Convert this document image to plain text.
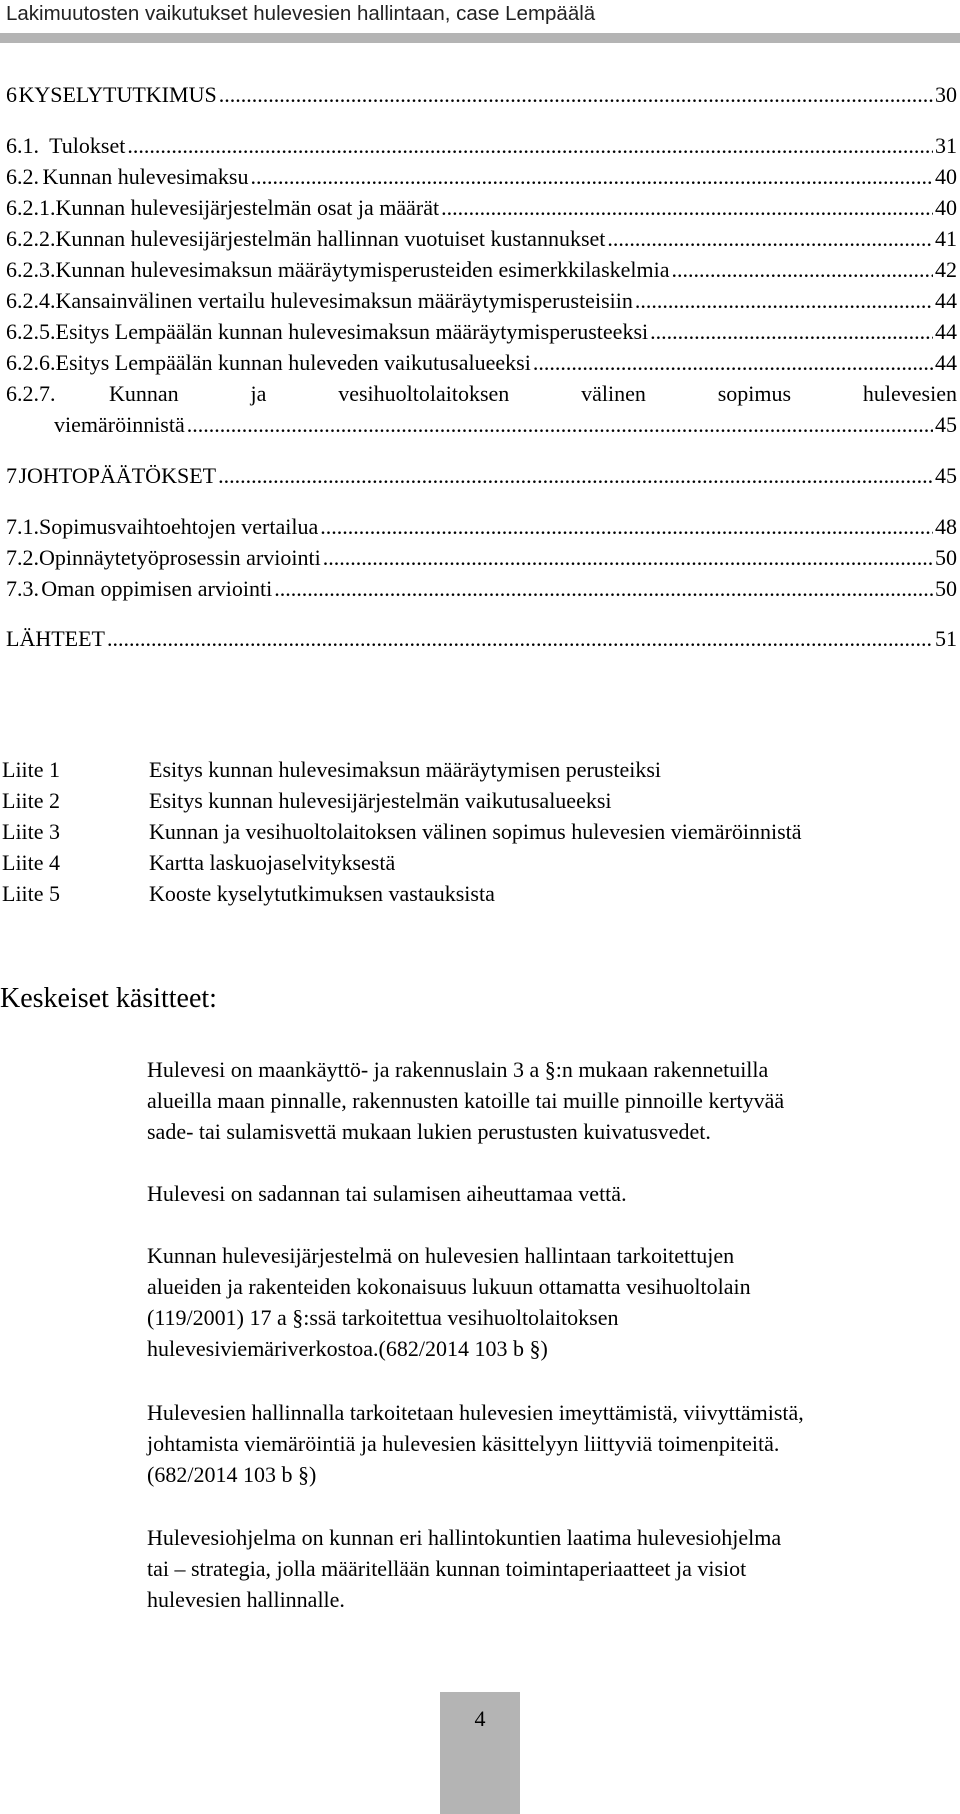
Lakimuutosten vaikutukset hulevesien hallintaan, case Lempäälä
6 KYSELYTUTKIMUS .....	30
6.1. Tulokset .....	31
6.2. Kunnan hulevesimaksu .....	40
6.2.1. Kunnan hulevesijärjestelmän osat ja määrät .....	40
6.2.2. Kunnan hulevesijärjestelmän hallinnan vuotuiset kustannukset .....	41
6.2.3. Kunnan hulevesimaksun määräytymisperusteiden esimerkkilaskelmia .....	42
6.2.4. Kansainvälinen vertailu hulevesimaksun määräytymisperusteisiin .....	44
6.2.5. Esitys Lempäälän kunnan hulevesimaksun määräytymisperusteeksi .....	44
6.2.6. Esitys Lempäälän kunnan huleveden vaikutusalueeksi .....	44
6.2.7.	Kunnan	ja	vesihuoltolaitoksen	välinen	sopimus	hulevesien
viemäröinnistä .....	45
7 JOHTOPÄÄTÖKSET .....	45
7.1. Sopimusvaihtoehtojen vertailua .....	48
7.2. Opinnäytetyöprosessin arviointi .....	50
7.3. Oman oppimisen arviointi .....	50
LÄHTEET .....	51
Liite 1	Esitys kunnan hulevesimaksun määräytymisen perusteiksi
Liite 2	Esitys kunnan hulevesijärjestelmän vaikutusalueeksi
Liite 3	Kunnan ja vesihuoltolaitoksen välinen sopimus hulevesien viemäröinnistä
Liite 4	Kartta laskuojaselvityksestä
Liite 5	Kooste kyselytutkimuksen vastauksista
Keskeiset käsitteet:
Hulevesi on maankäyttö- ja rakennuslain 3 a §:n mukaan rakennetuilla
alueilla maan pinnalle, rakennusten katoille tai muille pinnoille kertyvää
sade- tai sulamisvettä mukaan lukien perustusten kuivatusvedet.
Hulevesi on sadannan tai sulamisen aiheuttamaa vettä.
Kunnan hulevesijärjestelmä on hulevesien hallintaan tarkoitettujen
alueiden ja rakenteiden kokonaisuus lukuun ottamatta vesihuoltolain
(119/2001) 17 a §:ssä tarkoitettua vesihuoltolaitoksen
hulevesiviemäriverkostoa.(682/2014 103 b §)
Hulevesien hallinnalla tarkoitetaan hulevesien imeyttämistä, viivyttämistä,
johtamista viemäröintiä ja hulevesien käsittelyyn liittyviä toimenpiteitä.
(682/2014 103 b §)
Hulevesiohjelma on kunnan eri hallintokuntien laatima hulevesiohjelma
tai – strategia, jolla määritellään kunnan toimintaperiaatteet ja visiot
hulevesien hallinnalle.
4
